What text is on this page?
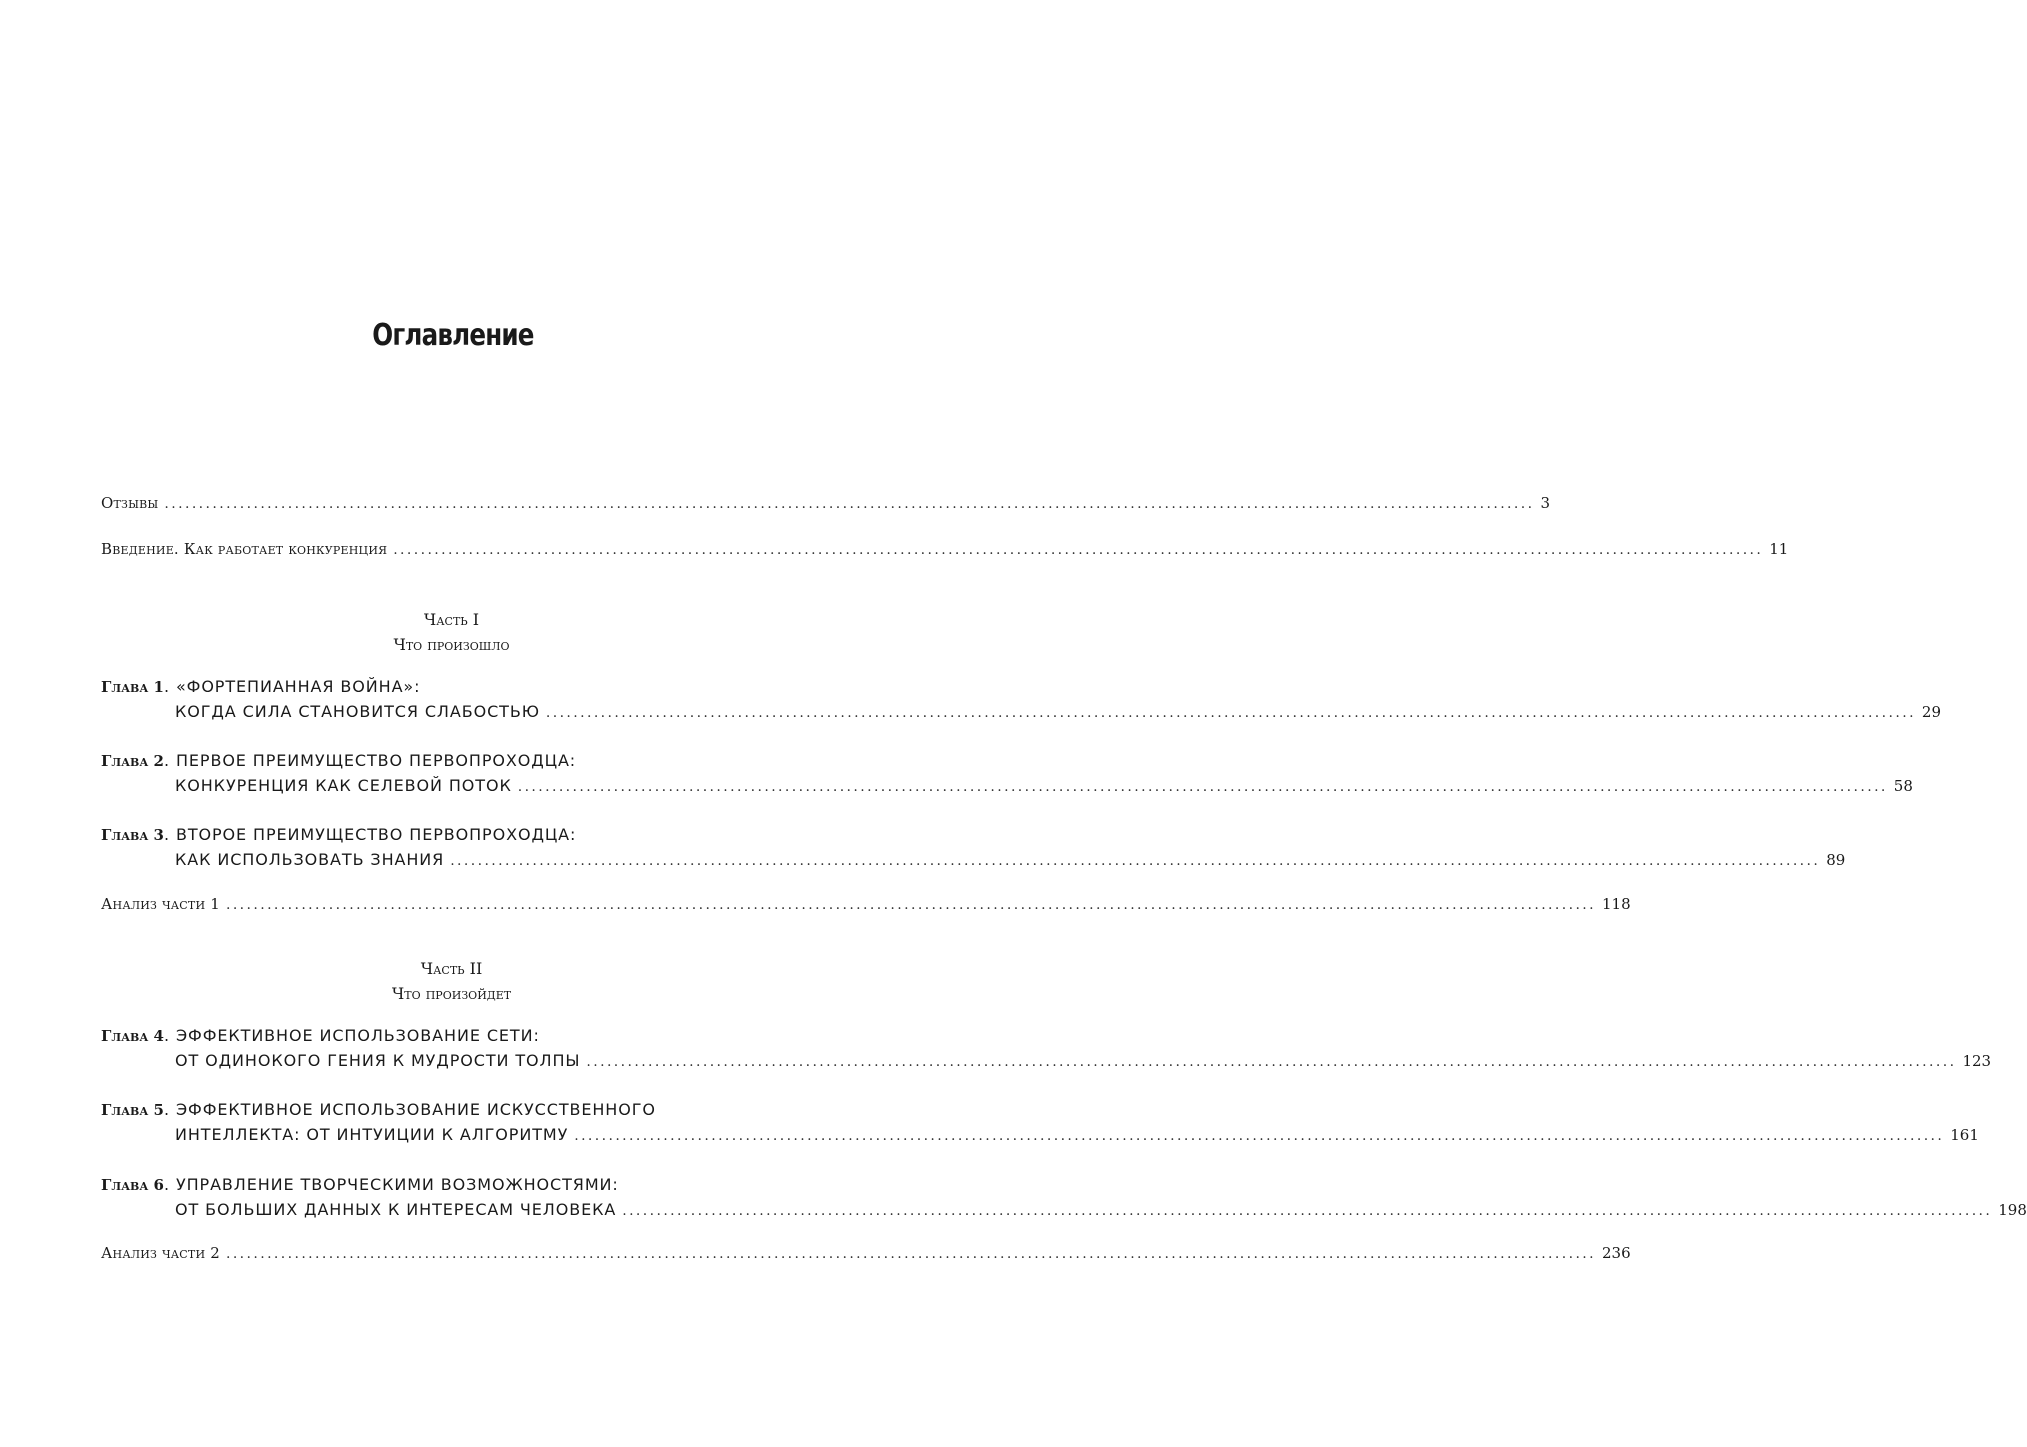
Оглавление
Отзывы ........................................................................................................................................................................................................ 3
Введение. Как работает конкуренция ........................................................................................................................................................................................................ 11
Часть I
Что произошло
Глава 1 . «ФОРТЕПИАННАЯ ВОЙНА»:
КОГДА СИЛА СТАНОВИТСЯ СЛАБОСТЬЮ ........................................................................................................................................................................................................ 29
Глава 2 . ПЕРВОЕ ПРЕИМУЩЕСТВО ПЕРВОПРОХОДЦА:
КОНКУРЕНЦИЯ КАК СЕЛЕВОЙ ПОТОК ........................................................................................................................................................................................................ 58
Глава 3 . ВТОРОЕ ПРЕИМУЩЕСТВО ПЕРВОПРОХОДЦА:
КАК ИСПОЛЬЗОВАТЬ ЗНАНИЯ ........................................................................................................................................................................................................ 89
Анализ части 1 ........................................................................................................................................................................................................ 118
Часть II
Что произойдет
Глава 4 . ЭФФЕКТИВНОЕ ИСПОЛЬЗОВАНИЕ СЕТИ:
ОТ ОДИНОКОГО ГЕНИЯ К МУДРОСТИ ТОЛПЫ ........................................................................................................................................................................................................ 123
Глава 5 . ЭФФЕКТИВНОЕ ИСПОЛЬЗОВАНИЕ ИСКУССТВЕННОГО
ИНТЕЛЛЕКТА: ОТ ИНТУИЦИИ К АЛГОРИТМУ ........................................................................................................................................................................................................ 161
Глава 6 . УПРАВЛЕНИЕ ТВОРЧЕСКИМИ ВОЗМОЖНОСТЯМИ:
ОТ БОЛЬШИХ ДАННЫХ К ИНТЕРЕСАМ ЧЕЛОВЕКА ........................................................................................................................................................................................................ 198
Анализ части 2 ........................................................................................................................................................................................................ 236
